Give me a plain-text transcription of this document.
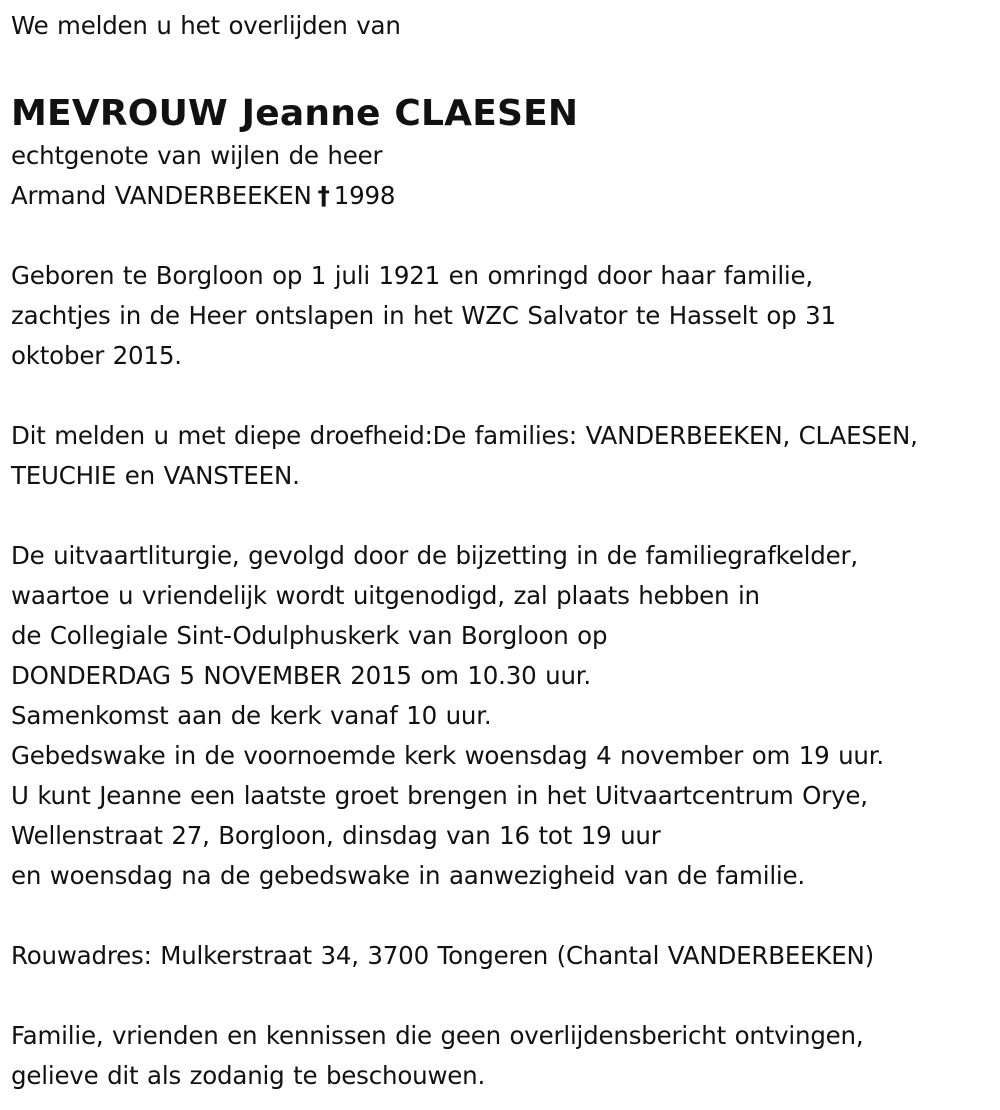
We melden u het overlijden van
MEVROUW Jeanne CLAESEN
echtgenote van wijlen de heer
Armand VANDERBEEKEN † 1998
Geboren te Borgloon op 1 juli 1921 en omringd door haar familie,
zachtjes in de Heer ontslapen in het WZC Salvator te Hasselt op 31
oktober 2015.
Dit melden u met diepe droefheid:De families: VANDERBEEKEN, CLAESEN,
TEUCHIE en VANSTEEN.
De uitvaartliturgie, gevolgd door de bijzetting in de familiegrafkelder,
waartoe u vriendelijk wordt uitgenodigd, zal plaats hebben in
de Collegiale Sint-Odulphuskerk van Borgloon op
DONDERDAG 5 NOVEMBER 2015 om 10.30 uur.
Samenkomst aan de kerk vanaf 10 uur.
Gebedswake in de voornoemde kerk woensdag 4 november om 19 uur.
U kunt Jeanne een laatste groet brengen in het Uitvaartcentrum Orye,
Wellenstraat 27, Borgloon, dinsdag van 16 tot 19 uur
en woensdag na de gebedswake in aanwezigheid van de familie.
Rouwadres: Mulkerstraat 34, 3700 Tongeren (Chantal VANDERBEEKEN)
Familie, vrienden en kennissen die geen overlijdensbericht ontvingen,
gelieve dit als zodanig te beschouwen.
